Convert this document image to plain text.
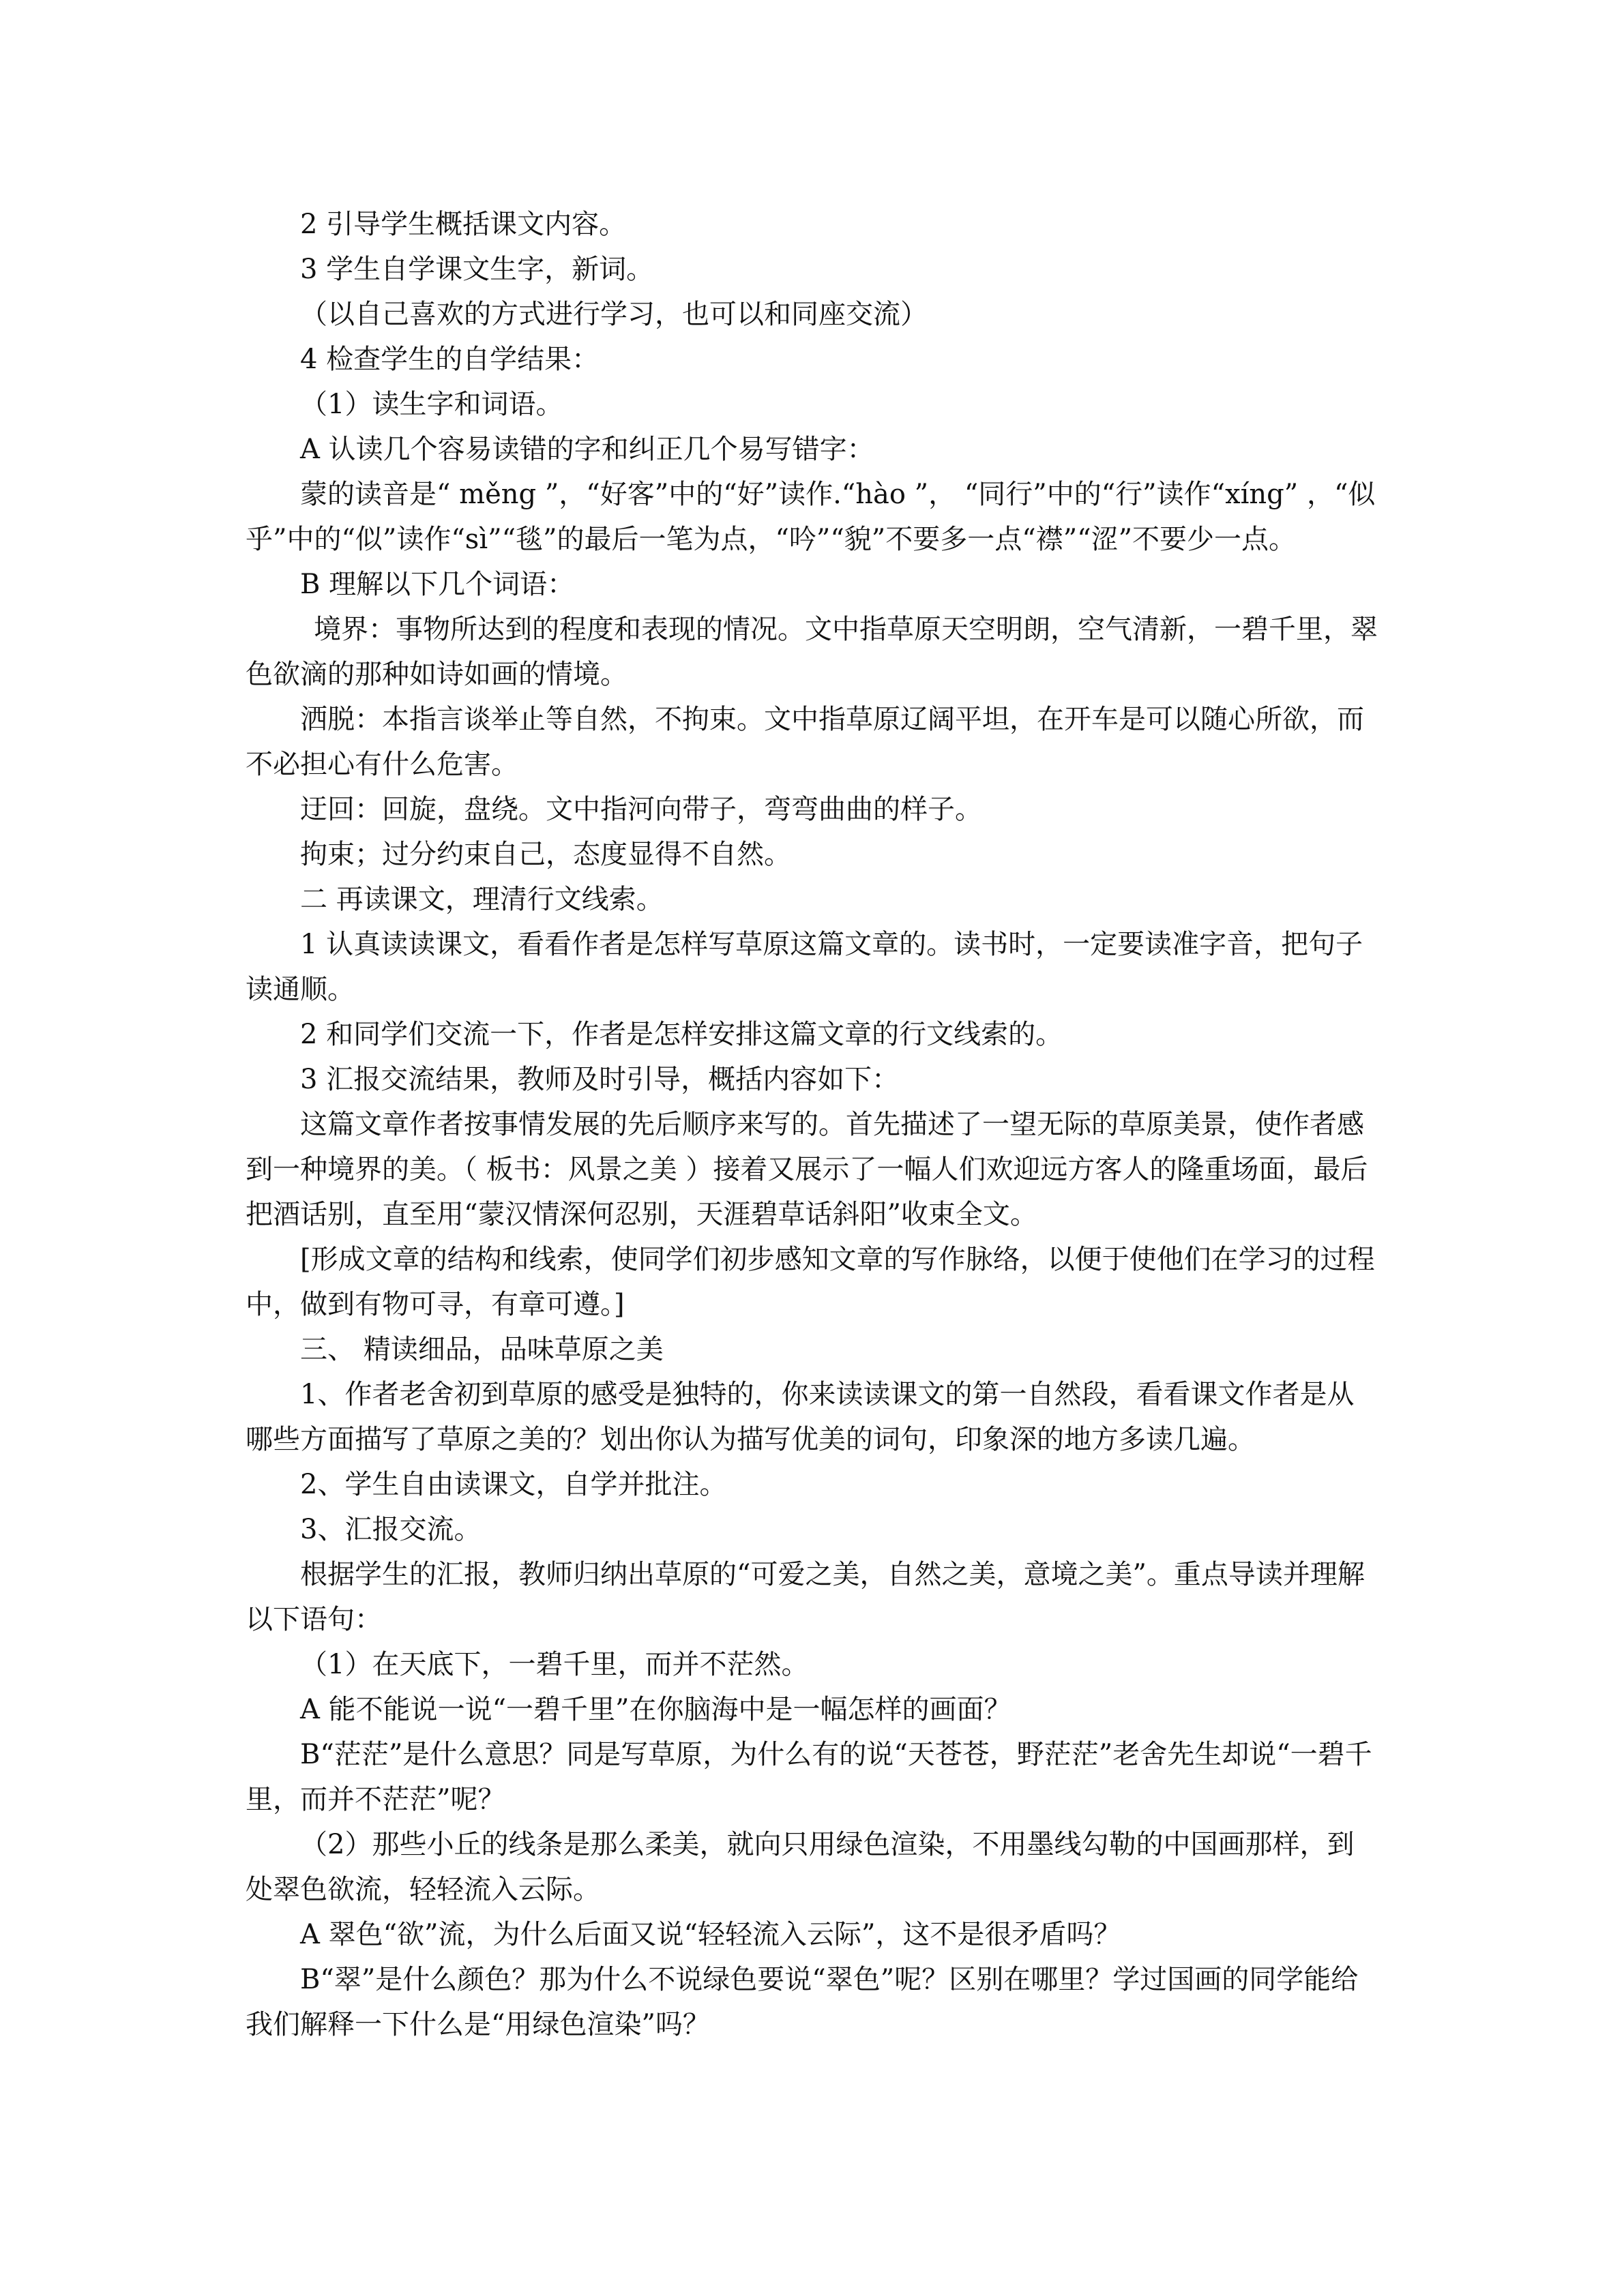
2 引导学生概括课文内容。

3 学生自学课文生字，新词。

（以自己喜欢的方式进行学习，也可以和同座交流）

4 检查学生的自学结果：

（1）读生字和词语。

A 认读几个容易读错的字和纠正几个易写错字：

蒙的读音是“ měng ”，“好客”中的“好”读作.“hào ”， “同行”中的“行”读作“xíng” ，“似乎”中的“似”读作“sì”“毯”的最后一笔为点，“吟”“貌”不要多一点“襟”“涩”不要少一点。

B 理解以下几个词语：

境界：事物所达到的程度和表现的情况。文中指草原天空明朗，空气清新，一碧千里，翠色欲滴的那种如诗如画的情境。

洒脱：本指言谈举止等自然，不拘束。文中指草原辽阔平坦，在开车是可以随心所欲，而不必担心有什么危害。

迂回：回旋，盘绕。文中指河向带子，弯弯曲曲的样子。

拘束；过分约束自己，态度显得不自然。

二 再读课文，理清行文线索。

1 认真读读课文，看看作者是怎样写草原这篇文章的。读书时，一定要读准字音，把句子读通顺。

2 和同学们交流一下，作者是怎样安排这篇文章的行文线索的。

3 汇报交流结果，教师及时引导，概括内容如下：

这篇文章作者按事情发展的先后顺序来写的。首先描述了一望无际的草原美景，使作者感到一种境界的美。（ 板书：风景之美 ）接着又展示了一幅人们欢迎远方客人的隆重场面，最后把酒话别，直至用“蒙汉情深何忍别，天涯碧草话斜阳”收束全文。

[形成文章的结构和线索，使同学们初步感知文章的写作脉络，以便于使他们在学习的过程中，做到有物可寻，有章可遵。]

三、 精读细品，品味草原之美

1、作者老舍初到草原的感受是独特的，你来读读课文的第一自然段，看看课文作者是从哪些方面描写了草原之美的？划出你认为描写优美的词句，印象深的地方多读几遍。

2、学生自由读课文，自学并批注。

3、汇报交流。

根据学生的汇报，教师归纳出草原的“可爱之美，自然之美，意境之美”。重点导读并理解以下语句：

（1）在天底下，一碧千里，而并不茫然。

A 能不能说一说“一碧千里”在你脑海中是一幅怎样的画面？

B“茫茫”是什么意思？同是写草原，为什么有的说“天苍苍，野茫茫”老舍先生却说“一碧千里，而并不茫茫”呢？

（2）那些小丘的线条是那么柔美，就向只用绿色渲染，不用墨线勾勒的中国画那样，到处翠色欲流，轻轻流入云际。

A 翠色“欲”流，为什么后面又说“轻轻流入云际”，这不是很矛盾吗？

B“翠”是什么颜色？那为什么不说绿色要说“翠色”呢？区别在哪里？学过国画的同学能给我们解释一下什么是“用绿色渲染”吗？
